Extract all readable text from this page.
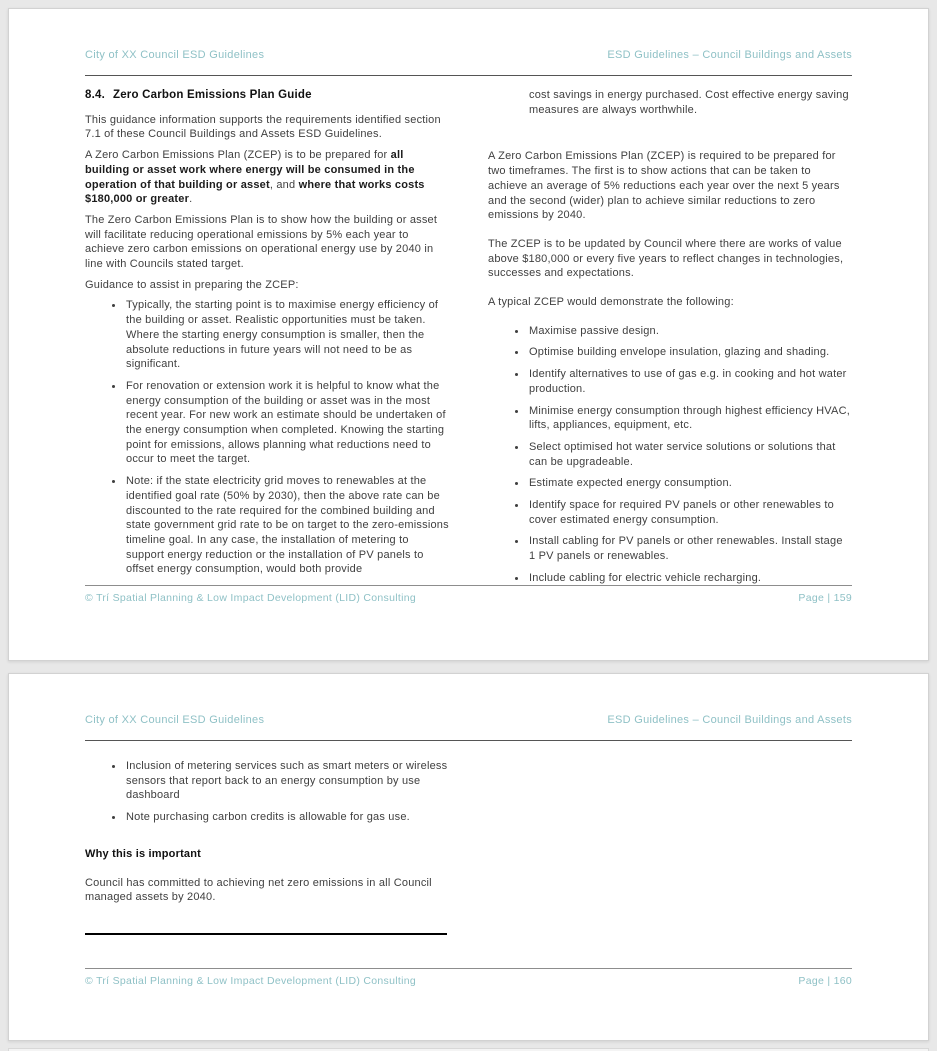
City of XX Council ESD Guidelines	ESD Guidelines – Council Buildings and Assets
8.4. Zero Carbon Emissions Plan Guide

This guidance information supports the requirements identified section 7.1 of these Council Buildings and Assets ESD Guidelines.

A Zero Carbon Emissions Plan (ZCEP) is to be prepared for all building or asset work where energy will be consumed in the operation of that building or asset, and where that works costs $180,000 or greater.

The Zero Carbon Emissions Plan is to show how the building or asset will facilitate reducing operational emissions by 5% each year to achieve zero carbon emissions on operational energy use by 2040 in line with Councils stated target.

Guidance to assist in preparing the ZCEP:

• Typically, the starting point is to maximise energy efficiency of the building or asset. Realistic opportunities must be taken. Where the starting energy consumption is smaller, then the absolute reductions in future years will not need to be as significant.
• For renovation or extension work it is helpful to know what the energy consumption of the building or asset was in the most recent year. For new work an estimate should be undertaken of the energy consumption when completed. Knowing the starting point for emissions, allows planning what reductions need to occur to meet the target.
• Note: if the state electricity grid moves to renewables at the identified goal rate (50% by 2030), then the above rate can be discounted to the rate required for the combined building and state government grid rate to be on target to the zero-emissions timeline goal. In any case, the installation of metering to support energy reduction or the installation of PV panels to offset energy consumption, would both provide

cost savings in energy purchased. Cost effective energy saving measures are always worthwhile.

A Zero Carbon Emissions Plan (ZCEP) is required to be prepared for two timeframes. The first is to show actions that can be taken to achieve an average of 5% reductions each year over the next 5 years and the second (wider) plan to achieve similar reductions to zero emissions by 2040.

The ZCEP is to be updated by Council where there are works of value above $180,000 or every five years to reflect changes in technologies, successes and expectations.

A typical ZCEP would demonstrate the following:

• Maximise passive design.
• Optimise building envelope insulation, glazing and shading.
• Identify alternatives to use of gas e.g. in cooking and hot water production.
• Minimise energy consumption through highest efficiency HVAC, lifts, appliances, equipment, etc.
• Select optimised hot water service solutions or solutions that can be upgradeable.
• Estimate expected energy consumption.
• Identify space for required PV panels or other renewables to cover estimated energy consumption.
• Install cabling for PV panels or other renewables. Install stage 1 PV panels or renewables.
• Include cabling for electric vehicle recharging.
© Trí Spatial Planning & Low Impact Development (LID) Consulting	Page | 159
City of XX Council ESD Guidelines	ESD Guidelines – Council Buildings and Assets
• Inclusion of metering services such as smart meters or wireless sensors that report back to an energy consumption by use dashboard
• Note purchasing carbon credits is allowable for gas use.
Why this is important

Council has committed to achieving net zero emissions in all Council managed assets by 2040.

© Trí Spatial Planning & Low Impact Development (LID) Consulting	Page | 160
